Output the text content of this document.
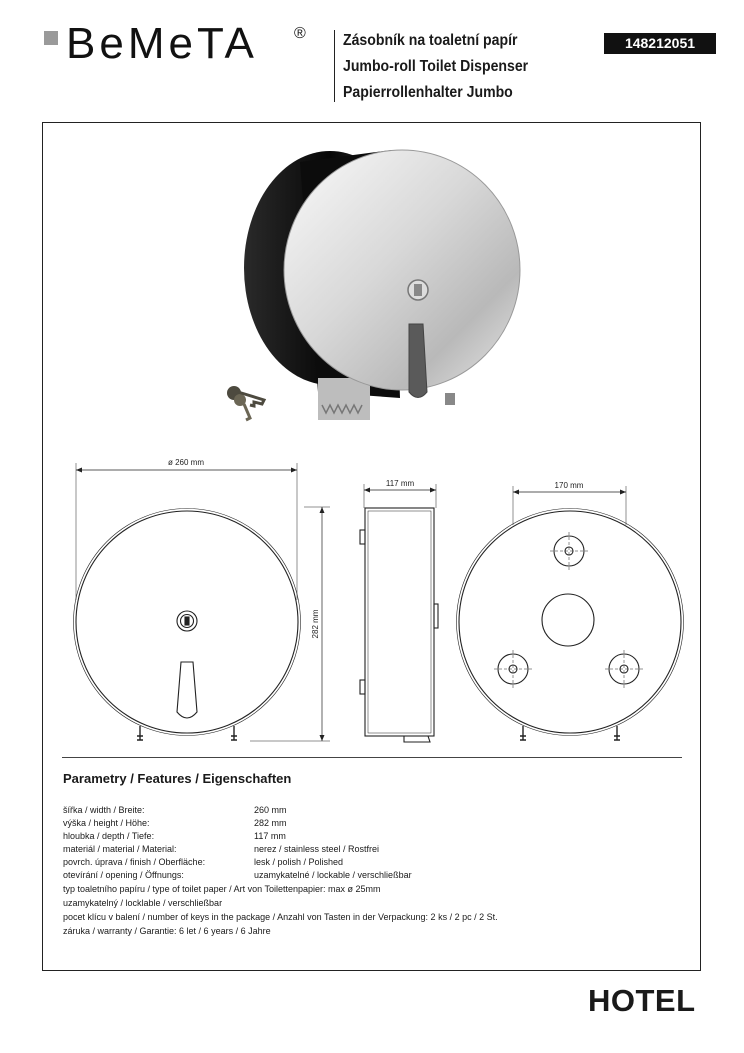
BeMeTA ® Zásobník na toaletní papír
Jumbo-roll Toilet Dispenser
Papierrollenhalter Jumbo
148212051
ø 260 mm
117 mm	170 mm
282 mm
Parametry / Features / Eigenschaften
šířka / width / Breite:	260 mm
výška / height / Höhe:	282 mm
hloubka / depth / Tiefe:	117 mm
materiál / material / Material:	nerez / stainless steel / Rostfrei
povrch. úprava / finish / Oberfläche:	lesk / polish / Polished
otevírání / opening / Öffnungs:	uzamykatelné / lockable / verschließbar
typ toaletního papíru / type of toilet paper / Art von Toilettenpapier: max ø 25mm
uzamykatelný / locklable / verschließbar
pocet klícu v balení / number of keys in the package / Anzahl von Tasten in der Verpackung: 2 ks / 2 pc / 2 St.
záruka / warranty / Garantie: 6 let / 6 years / 6 Jahre
HOTEL
